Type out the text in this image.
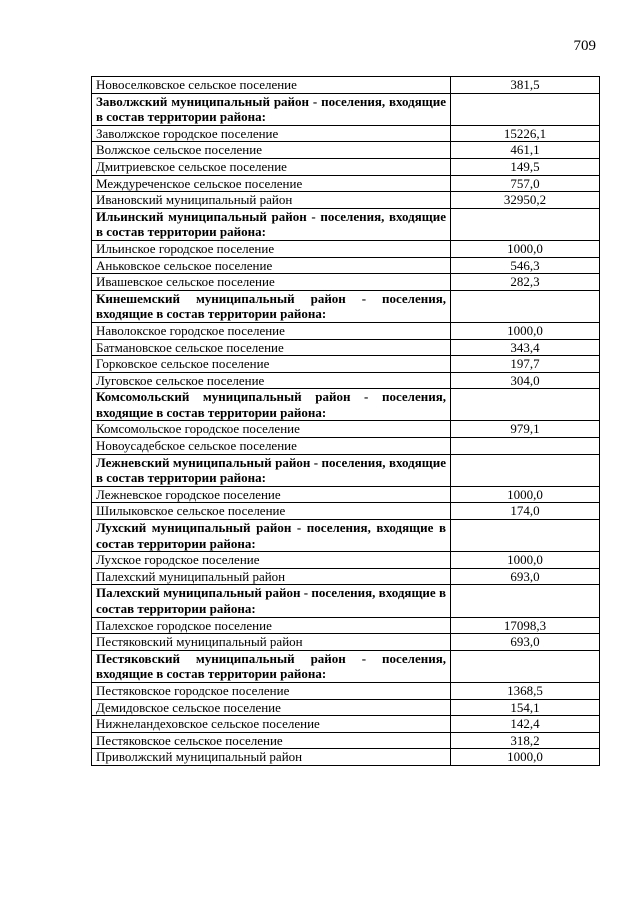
709
Новоселковское сельское поселение	381,5
Заволжский муниципальный район - поселения, входящие в состав территории района:	
Заволжское городское поселение	15226,1
Волжское сельское поселение	461,1
Дмитриевское сельское поселение	149,5
Междуреченское сельское поселение	757,0
Ивановский муниципальный район	32950,2
Ильинский муниципальный район - поселения, входящие в состав территории района:	
Ильинское городское поселение	1000,0
Аньковское сельское поселение	546,3
Ивашевское сельское поселение	282,3
Кинешемский муниципальный район - поселения, входящие в состав территории района:	
Наволокское городское поселение	1000,0
Батмановское сельское поселение	343,4
Горковское сельское поселение	197,7
Луговское сельское поселение	304,0
Комсомольский муниципальный район - поселения, входящие в состав территории района:	
Комсомольское городское поселение	979,1
Новоусадебское сельское поселение	
Лежневский муниципальный район - поселения, входящие в состав территории района:	
Лежневское городское поселение	1000,0
Шилыковское сельское поселение	174,0
Лухский муниципальный район - поселения, входящие в состав территории района:	
Лухское городское поселение	1000,0
Палехский муниципальный район	693,0
Палехский муниципальный район - поселения, входящие в состав территории района:	
Палехское городское поселение	17098,3
Пестяковский муниципальный район	693,0
Пестяковский муниципальный район - поселения, входящие в состав территории района:	
Пестяковское городское поселение	1368,5
Демидовское сельское поселение	154,1
Нижнеландеховское сельское поселение	142,4
Пестяковское сельское поселение	318,2
Приволжский муниципальный район	1000,0
